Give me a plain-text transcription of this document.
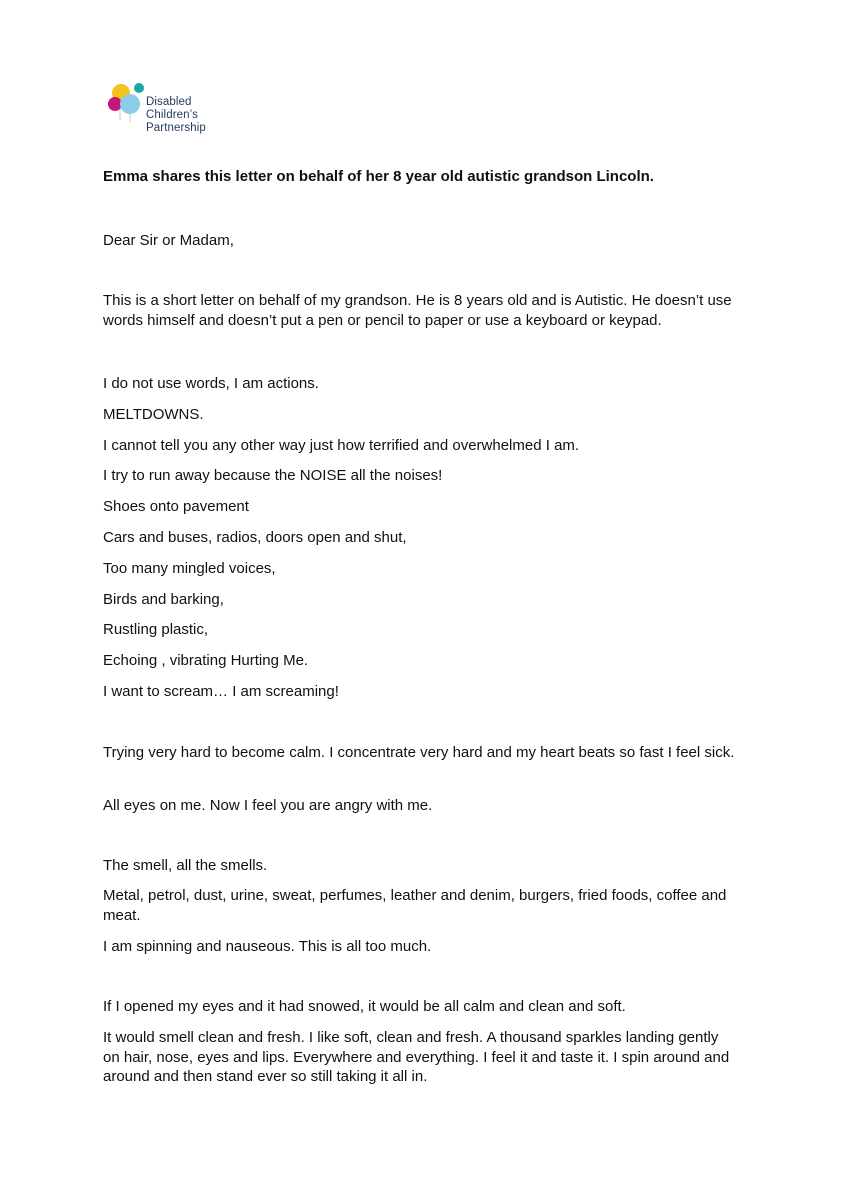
Disabled
Children’s
Partnership

Emma shares this letter on behalf of her 8 year old autistic grandson Lincoln.

Dear Sir or Madam,

This is a short letter on behalf of my grandson. He is 8 years old and is Autistic. He doesn’t use words himself and doesn’t put a pen or pencil to paper or use a keyboard or keypad.

I do not use words, I am actions.

MELTDOWNS.

I cannot tell you any other way just how terrified and overwhelmed I am.

I try to run away because the NOISE all the noises!

Shoes onto pavement

Cars and buses, radios, doors open and shut,

Too many mingled voices,

Birds and barking,

Rustling plastic,

Echoing , vibrating Hurting Me.

I want to scream… I am screaming!

Trying very hard to become calm. I concentrate very hard and my heart beats so fast I feel sick.

All eyes on me. Now I feel you are angry with me.

The smell, all the smells.

Metal, petrol, dust, urine, sweat, perfumes, leather and denim, burgers, fried foods, coffee and meat.

I am spinning and nauseous. This is all too much.

If I opened my eyes and it had snowed, it would be all calm and clean and soft.

It would smell clean and fresh. I like soft, clean and fresh. A thousand sparkles landing gently on hair, nose, eyes and lips. Everywhere and everything. I feel it and taste it. I spin around and around and then stand ever so still taking it all in.
